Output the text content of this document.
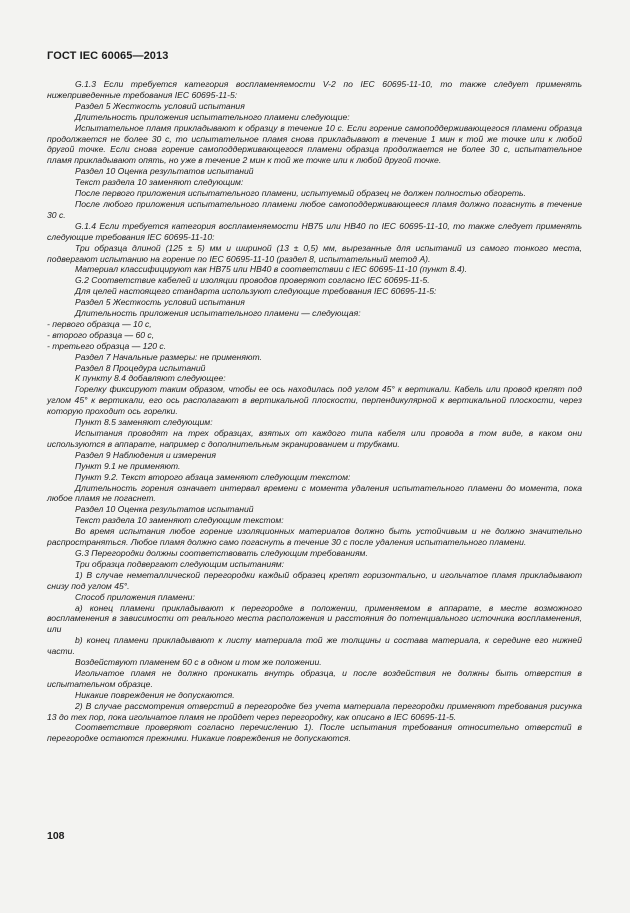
ГОСТ IEC 60065—2013

G.1.3 Если требуется категория воспламеняемости V-2 по IEC 60695-11-10, то также следует применять нижеприведенные требования IEC 60695-11-5:

Раздел 5 Жесткость условий испытания

Длительность приложения испытательного пламени следующие:

Испытательное пламя прикладывают к образцу в течение 10 с. Если горение самоподдерживающегося пламени образца продолжается не более 30 с, то испытательное пламя снова прикладывают в течение 1 мин к той же точке или к любой другой точке. Если снова горение самоподдерживающегося пламени образца продолжается не более 30 с, испытательное пламя прикладывают опять, но уже в течение 2 мин к той же точке или к любой другой точке.

Раздел 10 Оценка результатов испытаний

Текст раздела 10 заменяют следующим:

После первого приложения испытательного пламени, испытуемый образец не должен полностью обгореть.

После любого приложения испытательного пламени любое самоподдерживающееся пламя должно погаснуть в течение 30 с.

G.1.4 Если требуется категория воспламеняемости HB75 или HB40 по IEC 60695-11-10, то также следует применять следующие требования IEC 60695-11-10:

Три образца длиной (125 ± 5) мм и шириной (13 ± 0,5) мм, вырезанные для испытаний из самого тонкого места, подвергают испытанию на горение по IEC 60695-11-10 (раздел 8, испытательный метод А).

Материал классифицируют как HB75 или HB40 в соответствии с IEC 60695-11-10 (пункт 8.4).

G.2 Соответствие кабелей и изоляции проводов проверяют согласно IEC 60695-11-5.

Для целей настоящего стандарта используют следующие требования IEC 60695-11-5:

Раздел 5 Жесткость условий испытания

Длительность приложения испытательного пламени — следующая:

- первого образца — 10 с,

- второго образца — 60 с,

- третьего образца — 120 с.

Раздел 7 Начальные размеры: не применяют.

Раздел 8 Процедура испытаний

К пункту 8.4 добавляют следующее:

Горелку фиксируют таким образом, чтобы ее ось находилась под углом 45° к вертикали. Кабель или провод крепят под углом 45° к вертикали, его ось располагают в вертикальной плоскости, перпендикулярной к вертикальной плоскости, через которую проходит ось горелки.

Пункт 8.5 заменяют следующим:

Испытания проводят на трех образцах, взятых от каждого типа кабеля или провода в том виде, в каком они используются в аппарате, например с дополнительным экранированием и трубками.

Раздел 9 Наблюдения и измерения

Пункт 9.1 не применяют.

Пункт 9.2. Текст второго абзаца заменяют следующим текстом:

Длительность горения означает интервал времени с момента удаления испытательного пламени до момента, пока любое пламя не погаснет.

Раздел 10 Оценка результатов испытаний

Текст раздела 10 заменяют следующим текстом:

Во время испытания любое горение изоляционных материалов должно быть устойчивым и не должно значительно распространяться. Любое пламя должно само погаснуть в течение 30 с после удаления испытательного пламени.

G.3 Перегородки должны соответствовать следующим требованиям.

Три образца подвергают следующим испытаниям:

1) В случае неметаллической перегородки каждый образец крепят горизонтально, и игольчатое пламя прикладывают снизу под углом 45°.

Способ приложения пламени:

а) конец пламени прикладывают к перегородке в положении, применяемом в аппарате, в месте возможного воспламенения в зависимости от реального места расположения и расстояния до потенциального источника воспламенения, или

b) конец пламени прикладывают к листу материала той же толщины и состава материала, к середине его нижней части.

Воздействуют пламенем 60 с в одном и том же положении.

Игольчатое пламя не должно проникать внутрь образца, и после воздействия не должны быть отверстия в испытательном образце.

Никакие повреждения не допускаются.

2) В случае рассмотрения отверстий в перегородке без учета материала перегородки применяют требования рисунка 13 до тех пор, пока игольчатое пламя не пройдет через перегородку, как описано в IEC 60695-11-5.

Соответствие проверяют согласно перечислению 1). После испытания требования относительно отверстий в перегородке остаются прежними. Никакие повреждения не допускаются.

108
